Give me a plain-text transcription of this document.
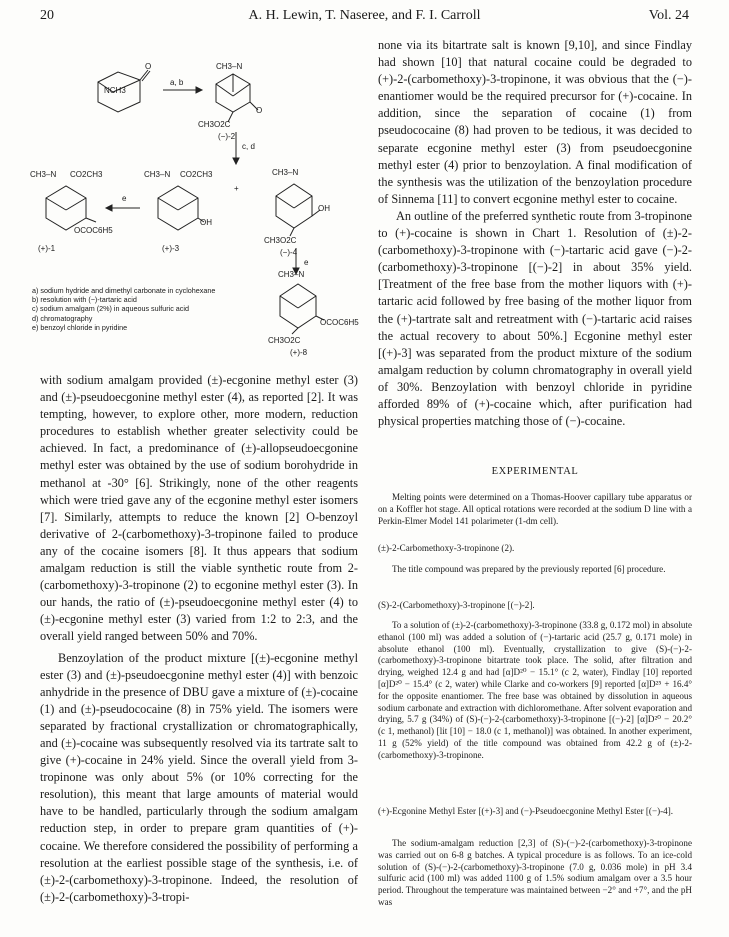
20	A. H. Lewin, T. Naseree, and F. I. Carroll	Vol. 24
NCH3
O
a, b
CH3–N
O
CH3O2C
(−)-2
c, d
CH3–N CO2CH3
OCOC6H5
(+)-1
e
CH3–N CO2CH3
OH
(+)-3
+
CH3–N
OH
CH3O2C
(−)-4
e
CH3–N
CH3O2C
OCOC6H5
(+)-8
a) sodium hydride and dimethyl carbonate in cyclohexane
b) resolution with (−)-tartaric acid
c) sodium amalgam (2%) in aqueous sulfuric acid
d) chromatography
e) benzoyl chloride in pyridine

with sodium amalgam provided (±)-ecgonine methyl ester (3) and (±)-pseudoecgonine methyl ester (4), as reported [2]. It was tempting, however, to explore other, more modern, reduction procedures to establish whether greater selectivity could be achieved. In fact, a predominance of (±)-allopseudoecgonine methyl ester was obtained by the use of sodium borohydride in methanol at -30° [6]. Strikingly, none of the other reagents which were tried gave any of the ecgonine methyl ester isomers [7]. Similarly, attempts to reduce the known [2] O-benzoyl derivative of 2-(carbomethoxy)-3-tropinone failed to produce any of the cocaine isomers [8]. It thus appears that sodium amalgam reduction is still the viable synthetic route from 2-(carbomethoxy)-3-tropinone (2) to ecgonine methyl ester (3). In our hands, the ratio of (±)-pseudoecgonine methyl ester (4) to (±)-ecgonine methyl ester (3) varied from 1:2 to 2:3, and the overall yield ranged between 50% and 70%.

Benzoylation of the product mixture [(±)-ecgonine methyl ester (3) and (±)-pseudoecgonine methyl ester (4)] with benzoic anhydride in the presence of DBU gave a mixture of (±)-cocaine (1) and (±)-pseudococaine (8) in 75% yield. The isomers were separated by fractional crystallization or chromatographically, and (±)-cocaine was subsequently resolved via its tartrate salt to give (+)-cocaine in 24% yield. Since the overall yield from 3-tropinone was only about 5% (or 10% correcting for the resolution), this meant that large amounts of material would have to be handled, particularly through the sodium amalgam reduction step, in order to prepare gram quantities of (+)-cocaine. We therefore considered the possibility of performing a resolution at the earliest possible stage of the synthesis, i.e. of (±)-2-(carbomethoxy)-3-tropinone. Indeed, the resolution of (±)-2-(carbomethoxy)-3-tropi-

none via its bitartrate salt is known [9,10], and since Findlay had shown [10] that natural cocaine could be degraded to (+)-2-(carbomethoxy)-3-tropinone, it was obvious that the (−)-enantiomer would be the required precursor for (+)-cocaine. In addition, since the separation of cocaine (1) from pseudococaine (8) had proven to be tedious, it was decided to separate ecgonine methyl ester (3) from pseudoecgonine methyl ester (4) prior to benzoylation. A final modification of the synthesis was the utilization of the benzoylation procedure of Sinnema [11] to convert ecgonine methyl ester to cocaine.

An outline of the preferred synthetic route from 3-tropinone to (+)-cocaine is shown in Chart 1. Resolution of (±)-2-(carbomethoxy)-3-tropinone with (−)-tartaric acid gave (−)-2-(carbomethoxy)-3-tropinone [(−)-2] in about 35% yield. [Treatment of the free base from the mother liquors with (+)-tartaric acid followed by free basing of the mother liquor from the (+)-tartrate salt and retreatment with (−)-tartaric acid raises the actual recovery to about 50%.] Ecgonine methyl ester [(+)-3] was separated from the product mixture of the sodium amalgam reduction by column chromatography in overall yield of 30%. Benzoylation with benzoyl chloride in pyridine afforded 89% of (+)-cocaine which, after purification had physical properties matching those of (−)-cocaine.

EXPERIMENTAL

Melting points were determined on a Thomas-Hoover capillary tube apparatus or on a Koffler hot stage. All optical rotations were recorded at the sodium D line with a Perkin-Elmer Model 141 polarimeter (1-dm cell).

(±)-2-Carbomethoxy-3-tropinone (2).

The title compound was prepared by the previously reported [6] procedure.

(S)-2-(Carbomethoxy)-3-tropinone [(−)-2].

To a solution of (±)-2-(carbomethoxy)-3-tropinone (33.8 g, 0.172 mol) in absolute ethanol (100 ml) was added a solution of (−)-tartaric acid (25.7 g, 0.171 mole) in absolute ethanol (100 ml). Eventually, crystallization to give (S)-(−)-2-(carbomethoxy)-3-tropinone bitartrate took place. The solid, after filtration and drying, weighed 12.4 g and had [α]D²⁰ − 15.1° (c 2, water), Findlay [10] reported [α]D²⁰ − 15.4° (c 2, water) while Clarke and co-workers [9] reported [α]D²⁵ + 16.4° for the opposite enantiomer. The free base was obtained by dissolution in aqueous sodium carbonate and extraction with dichloromethane. After solvent evaporation and drying, 5.7 g (34%) of (S)-(−)-2-(carbomethoxy)-3-tropinone [(−)-2] [α]D²⁰ − 20.2° (c 1, methanol) [lit [10] − 18.0 (c 1, methanol)] was obtained. In another experiment, 11 g (52% yield) of the title compound was obtained from 42.2 g of (±)-2-(carbomethoxy)-3-tropinone.

(+)-Ecgonine Methyl Ester [(+)-3] and (−)-Pseudoecgonine Methyl Ester [(−)-4].

The sodium-amalgam reduction [2,3] of (S)-(−)-2-(carbomethoxy)-3-tropinone was carried out on 6-8 g batches. A typical procedure is as follows. To an ice-cold solution of (S)-(−)-2-(carbomethoxy)-3-tropinone (7.0 g, 0.036 mole) in pH 3.4 sulfuric acid (100 ml) was added 1100 g of 1.5% sodium amalgam over a 3.5 hour period. Throughout the temperature was maintained between −2° and +7°, and the pH was
